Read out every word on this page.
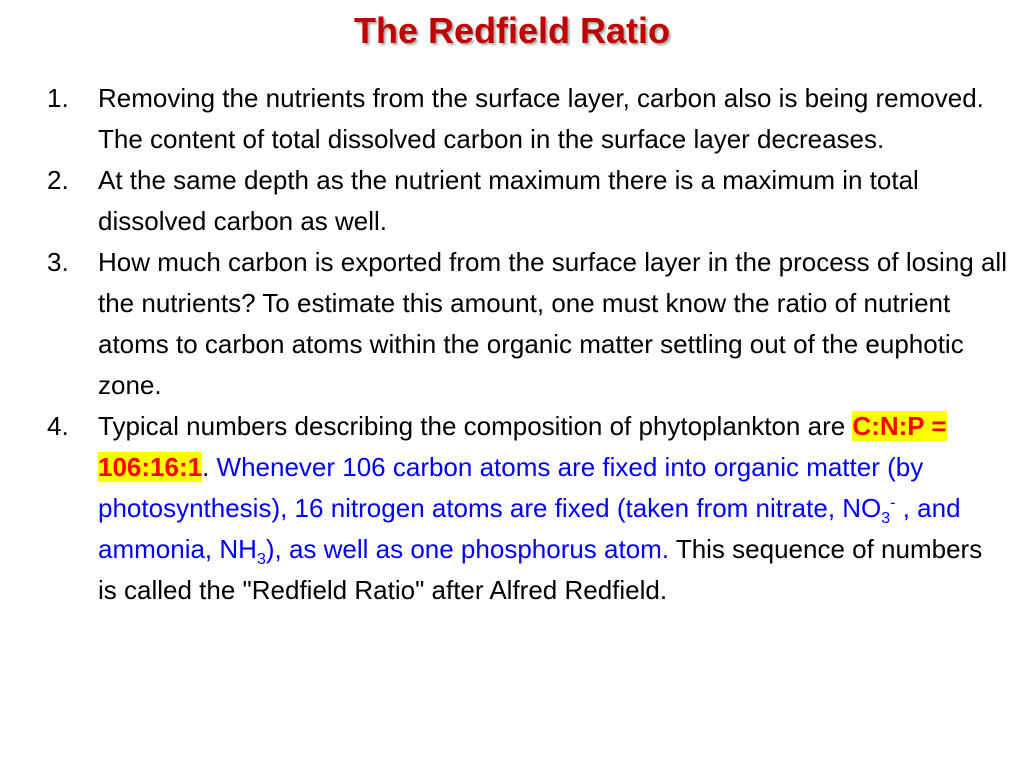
The Redfield Ratio
1. Removing the nutrients from the surface layer, carbon also is being removed. The content of total dissolved carbon in the surface layer decreases.
2. At the same depth as the nutrient maximum there is a maximum in total dissolved carbon as well.
3. How much carbon is exported from the surface layer in the process of losing all the nutrients? To estimate this amount, one must know the ratio of nutrient atoms to carbon atoms within the organic matter settling out of the euphotic zone.
4. Typical numbers describing the composition of phytoplankton are C:N:P = 106:16:1. Whenever 106 carbon atoms are fixed into organic matter (by photosynthesis), 16 nitrogen atoms are fixed (taken from nitrate, $NO_3^-$ , and ammonia, $NH_3$), as well as one phosphorus atom. This sequence of numbers is called the "Redfield Ratio" after Alfred Redfield.
